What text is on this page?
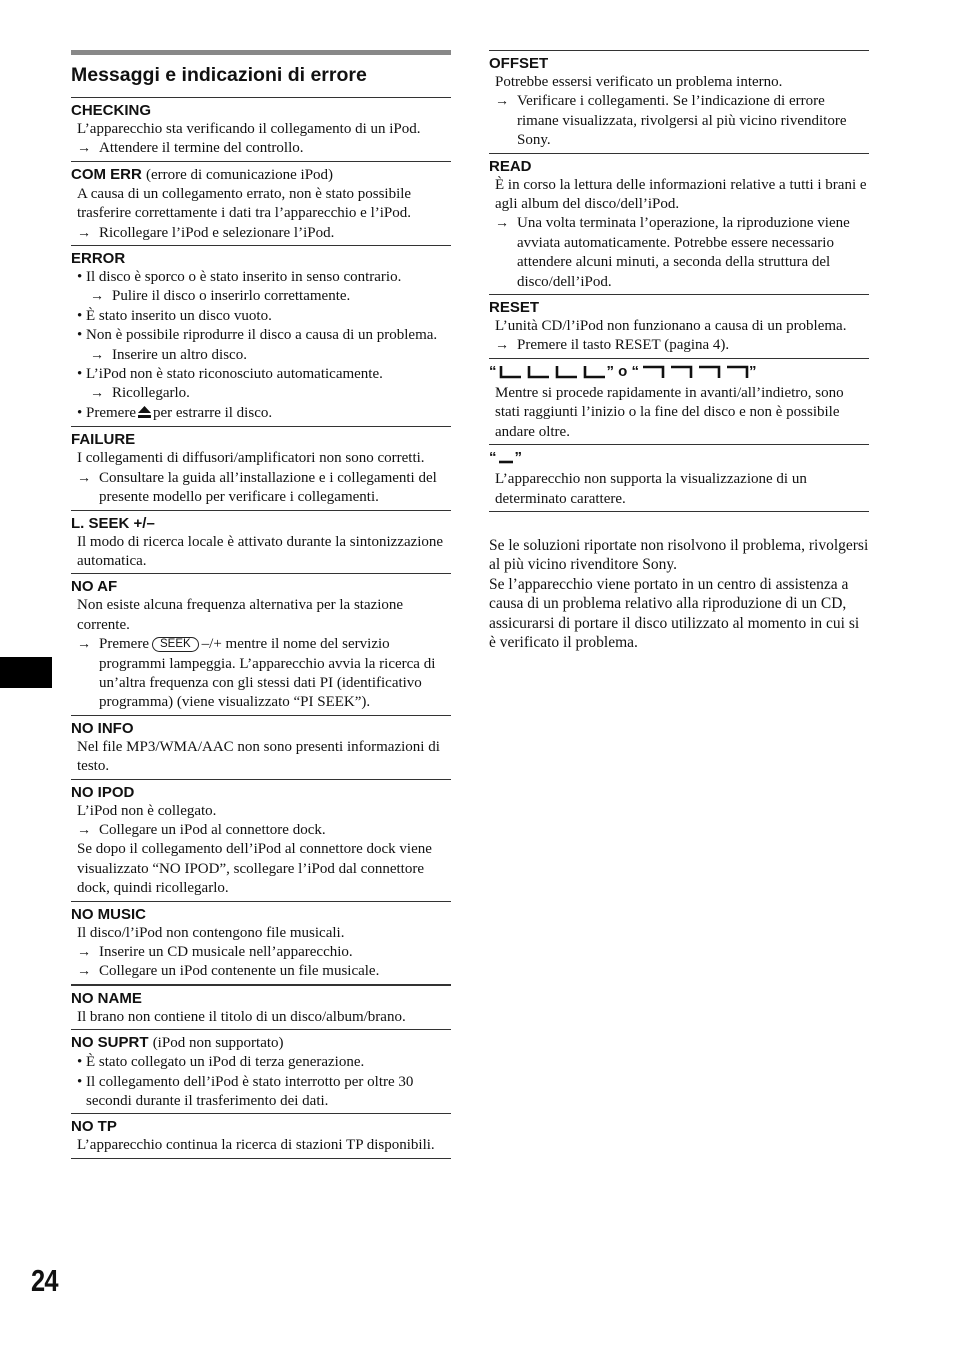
Messaggi e indicazioni di errore
CHECKING
L’apparecchio sta verificando il collegamento di un iPod.
→ Attendere il termine del controllo.
COM ERR (errore di comunicazione iPod)
A causa di un collegamento errato, non è stato possibile trasferire correttamente i dati tra l’apparecchio e l’iPod.
→ Ricollegare l’iPod e selezionare l’iPod.
ERROR
• Il disco è sporco o è stato inserito in senso contrario.
→ Pulire il disco o inserirlo correttamente.
• È stato inserito un disco vuoto.
• Non è possibile riprodurre il disco a causa di un problema.
→ Inserire un altro disco.
• L’iPod non è stato riconosciuto automaticamente.
→ Ricollegarlo.
• Premere per estrarre il disco.
FAILURE
I collegamenti di diffusori/amplificatori non sono corretti.
→ Consultare la guida all’installazione e i collegamenti del presente modello per verificare i collegamenti.
L. SEEK +/–
Il modo di ricerca locale è attivato durante la sintonizzazione automatica.
NO AF
Non esiste alcuna frequenza alternativa per la stazione corrente.
→ Premere SEEK –/+ mentre il nome del servizio programmi lampeggia. L’apparecchio avvia la ricerca di un’altra frequenza con gli stessi dati PI (identificativo programma) (viene visualizzato “PI SEEK”).
NO INFO
Nel file MP3/WMA/AAC non sono presenti informazioni di testo.
NO IPOD
L’iPod non è collegato.
→ Collegare un iPod al connettore dock.
Se dopo il collegamento dell’iPod al connettore dock viene visualizzato “NO IPOD”, scollegare l’iPod dal connettore dock, quindi ricollegarlo.
NO MUSIC
Il disco/l’iPod non contengono file musicali.
→ Inserire un CD musicale nell’apparecchio.
→ Collegare un iPod contenente un file musicale.
NO NAME
Il brano non contiene il titolo di un disco/album/brano.
NO SUPRT (iPod non supportato)
• È stato collegato un iPod di terza generazione.
• Il collegamento dell’iPod è stato interrotto per oltre 30 secondi durante il trasferimento dei dati.
NO TP
L’apparecchio continua la ricerca di stazioni TP disponibili.
OFFSET
Potrebbe essersi verificato un problema interno.
→ Verificare i collegamenti. Se l’indicazione di errore rimane visualizzata, rivolgersi al più vicino rivenditore Sony.
READ
È in corso la lettura delle informazioni relative a tutti i brani e agli album del disco/dell’iPod.
→ Una volta terminata l’operazione, la riproduzione viene avviata automaticamente. Potrebbe essere necessario attendere alcuni minuti, a seconda della struttura del disco/dell’iPod.
RESET
L’unità CD/l’iPod non funzionano a causa di un problema.
→ Premere il tasto RESET (pagina 4).
“	” o “	”
Mentre si procede rapidamente in avanti/all’indietro, sono stati raggiunti l’inizio o la fine del disco e non è possibile andare oltre.
“ ”
L’apparecchio non supporta la visualizzazione di un determinato carattere.
Se le soluzioni riportate non risolvono il problema, rivolgersi al più vicino rivenditore Sony.
Se l’apparecchio viene portato in un centro di assistenza a causa di un problema relativo alla riproduzione di un CD, assicurarsi di portare il disco utilizzato al momento in cui si è verificato il problema.
24
